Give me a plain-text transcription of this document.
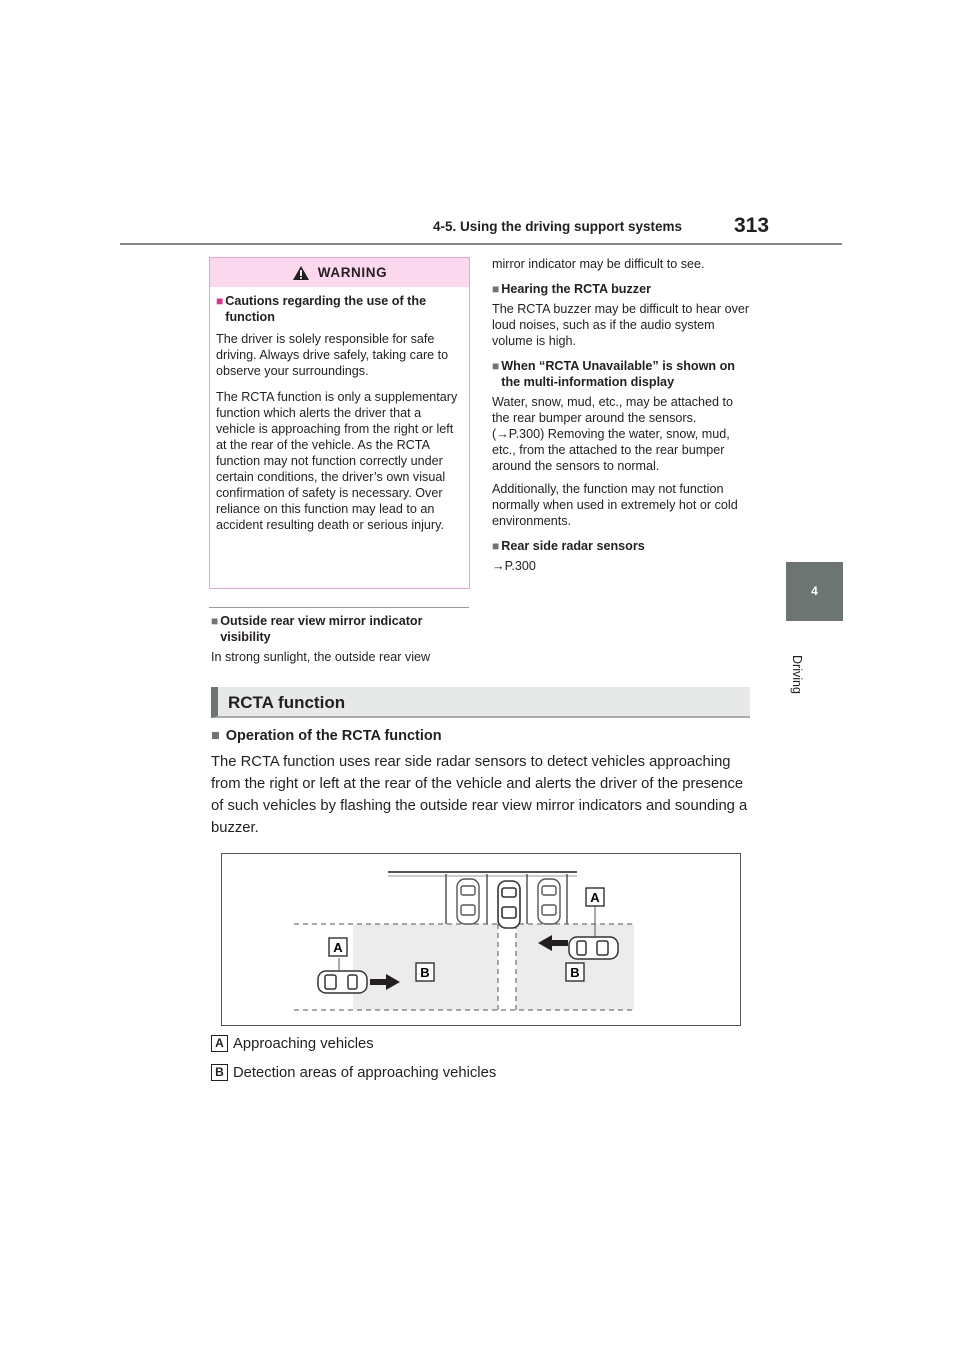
4-5. Using the driving support systems 313
4
Driving
WARNING
■ Cautions regarding the use of the function

The driver is solely responsible for safe driving. Always drive safely, taking care to observe your surroundings.

The RCTA function is only a supplementary function which alerts the driver that a vehicle is approaching from the right or left at the rear of the vehicle. As the RCTA function may not function correctly under certain conditions, the driver’s own visual confirmation of safety is necessary. Over reliance on this function may lead to an accident resulting death or serious injury.

■ Outside rear view mirror indicator visibility

In strong sunlight, the outside rear view

mirror indicator may be difficult to see.

■ Hearing the RCTA buzzer

The RCTA buzzer may be difficult to hear over loud noises, such as if the audio system volume is high.

■ When “RCTA Unavailable” is shown on the multi-information display

Water, snow, mud, etc., may be attached to the rear bumper around the sensors. (→P.300) Removing the water, snow, mud, etc., from the attached to the rear bumper around the sensors to normal.

Additionally, the function may not function normally when used in extremely hot or cold environments.

■ Rear side radar sensors

→P.300

RCTA function
■ Operation of the RCTA function
The RCTA function uses rear side radar sensors to detect vehicles approaching from the right or left at the rear of the vehicle and alerts the driver of the presence of such vehicles by flashing the outside rear view mirror indicators and sounding a buzzer.
A
A
B	B
A Approaching vehicles
B Detection areas of approaching vehicles
